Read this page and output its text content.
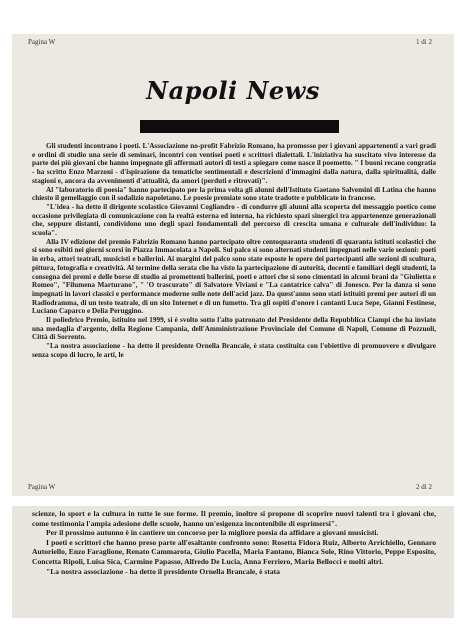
Pagina W	1 di 2
Napoli News

Gli studenti incontrano i poeti. L'Associazione no-profit Fabrizio Romano, ha promosso per i giovani appartenenti a vari gradi e ordini di studio una serie di seminari, incontri con ventisei poeti e scrittori dialettali. L'iniziativa ha suscitato vivo interesse da parte dei più giovani che hanno impegnato gli affermati autori di testi a spiegare come nasce il poemetto. " I buoni recano congratia - ha scritto Enzo Marzoni - d'ispirazione da tematiche sentimentali e descrizioni d'immagini dalla natura, dalla spiritualità, dalle stagioni e, ancora da avvenimenti d'attualità, da amori (perduti e ritrovati)".

Al "laboratorio di poesia" hanno partecipato per la prima volta gli alunni dell'Istituto Gaetano Salvemini di Latina che hanno chiesto il gemellaggio con il sodalizio napoletano. Le poesie premiate sono state tradotte e pubblicate in francese.

"L'idea - ha detto il dirigente scolastico Giovanni Cogliandro - di condurre gli alunni alla scoperta del messaggio poetico come occasione privilegiata di comunicazione con la realtà esterna ed interna, ha richiesto spazi sinergici tra appartenenze generazionali che, seppure distanti, condividono uno degli spazi fondamentali del percorso di crescita umana e culturale dell'individuo: la scuola".

Alla IV edizione del premio Fabrizio Romano hanno partecipato oltre centoquaranta studenti di quaranta istituti scolastici che si sono esibiti nei giorni scorsi in Piazza Immacolata a Napoli. Sul palco si sono alternati studenti impegnati nelle varie sezioni: poeti in erba, attori teatrali, musicisti e ballerini. Ai margini del palco sono state esposte le opere dei partecipanti alle sezioni di scultura, pittura, fotografia e creatività. Al termine della serata che ha visto la partecipazione di autorità, docenti e familiari degli studenti, la consegna dei premi e delle borse di studio ai promettenti ballerini, poeti e attori che si sono cimentati in alcuni brani da "Giulietta e Romeo", "Filumena Marturano", " 'O trascurato" di Salvatore Viviani e "La cantatrice calva" di Jonesco. Per la danza si sono impegnati in lavori classici e performance moderne sulle note dell'acid jazz. Da quest'anno sono stati istituiti premi per autori di un Radiodramma, di un testo teatrale, di un sito Internet e di un fumetto. Tra gli ospiti d'onore i cantanti Luca Sepe, Gianni Festinese, Luciano Caparco e Delia Peruggino.

Il poliedrico Premio, istituito nel 1999, si è svolto sotto l'alto patronato del Presidente della Repubblica Ciampi che ha inviato una medaglia d'argento, della Regione Campania, dell'Amministrazione Provinciale del Comune di Napoli, Comune di Pozzuoli, Città di Sorrento.

"La nostra associazione - ha detto il presidente Ornella Brancale, è stata costituita con l'obiettivo di promuovere e divulgare senza scopo di lucro, le arti, le

Pagina W	2 di 2

scienze, lo sport e la cultura in tutte le sue forme. Il premio, inoltre si propone di scoprire nuovi talenti tra i giovani che, come testimonia l'ampia adesione delle scuole, hanno un'esigenza incontenibile di esprimersi".

Per il prossimo autunno è in cantiere un concorso per la migliore poesia da affidare a giovani musicisti.

I poeti e scrittori che hanno preso parte all'esaltante confronto sono: Rosetta Fidora Ruiz, Alberto Arrichiello, Gennaro Autoriello, Enzo Faraglione, Renato Cammarota, Giulio Pacella, Maria Fantano, Bianca Sole, Rino Vittorio, Peppe Esposito, Concetta Ripoli, Luisa Sica, Carmine Papasso, Alfredo De Lucia, Anna Ferriero, Maria Bellocci e molti altri.

"La nostra associazione - ha detto il presidente Ornella Brancale, è stata
